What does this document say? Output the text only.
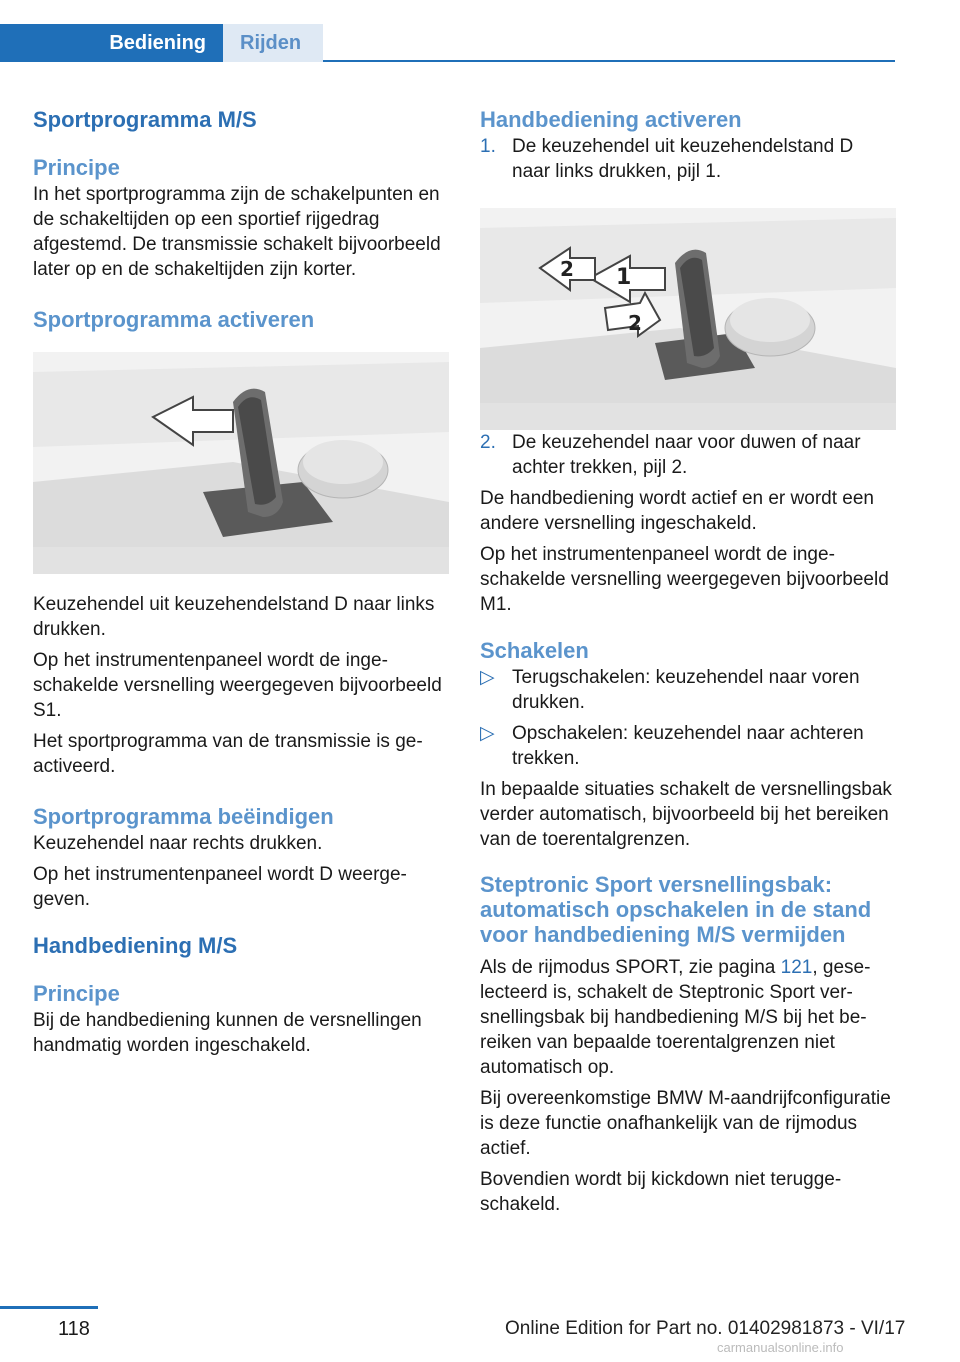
Bediening	Rijden
Sportprogramma M/S
Principe

In het sportprogramma zijn de schakelpunten en de schakeltijden op een sportief rijgedrag afgestemd. De transmissie schakelt bijvoorbeeld later op en de schakeltijden zijn korter.

Sportprogramma activeren

Keuzehendel uit keuzehendelstand D naar links drukken.

Op het instrumentenpaneel wordt de ingeschakelde versnelling weergegeven bijvoorbeeld S1.

Het sportprogramma van de transmissie is geactiveerd.

Sportprogramma beëindigen

Keuzehendel naar rechts drukken.

Op het instrumentenpaneel wordt D weergegeven.

Handbediening M/S
Principe

Bij de handbediening kunnen de versnellingen handmatig worden ingeschakeld.

Handbediening activeren
1. De keuzehendel uit keuzehendelstand D naar links drukken, pijl 1.
1
2
2
2. De keuzehendel naar voor duwen of naar achter trekken, pijl 2.

De handbediening wordt actief en er wordt een andere versnelling ingeschakeld.

Op het instrumentenpaneel wordt de ingeschakelde versnelling weergegeven bijvoorbeeld M1.

Schakelen
▷ Terugschakelen: keuzehendel naar voren drukken.
▷ Opschakelen: keuzehendel naar achteren trekken.

In bepaalde situaties schakelt de versnellingsbak verder automatisch, bijvoorbeeld bij het bereiken van de toerentalgrenzen.

Steptronic Sport versnellingsbak: automatisch opschakelen in de stand voor handbediening M/S vermijden

Als de rijmodus SPORT, zie pagina 121, geselecteerd is, schakelt de Steptronic Sport versnellingsbak bij handbediening M/S bij het bereiken van bepaalde toerentalgrenzen niet automatisch op.

Bij overeenkomstige BMW M-aandrijfconfiguratie is deze functie onafhankelijk van de rijmodus actief.

Bovendien wordt bij kickdown niet teruggeschakeld.

118	Online Edition for Part no. 01402981873 - VI/17
carmanualsonline.info
